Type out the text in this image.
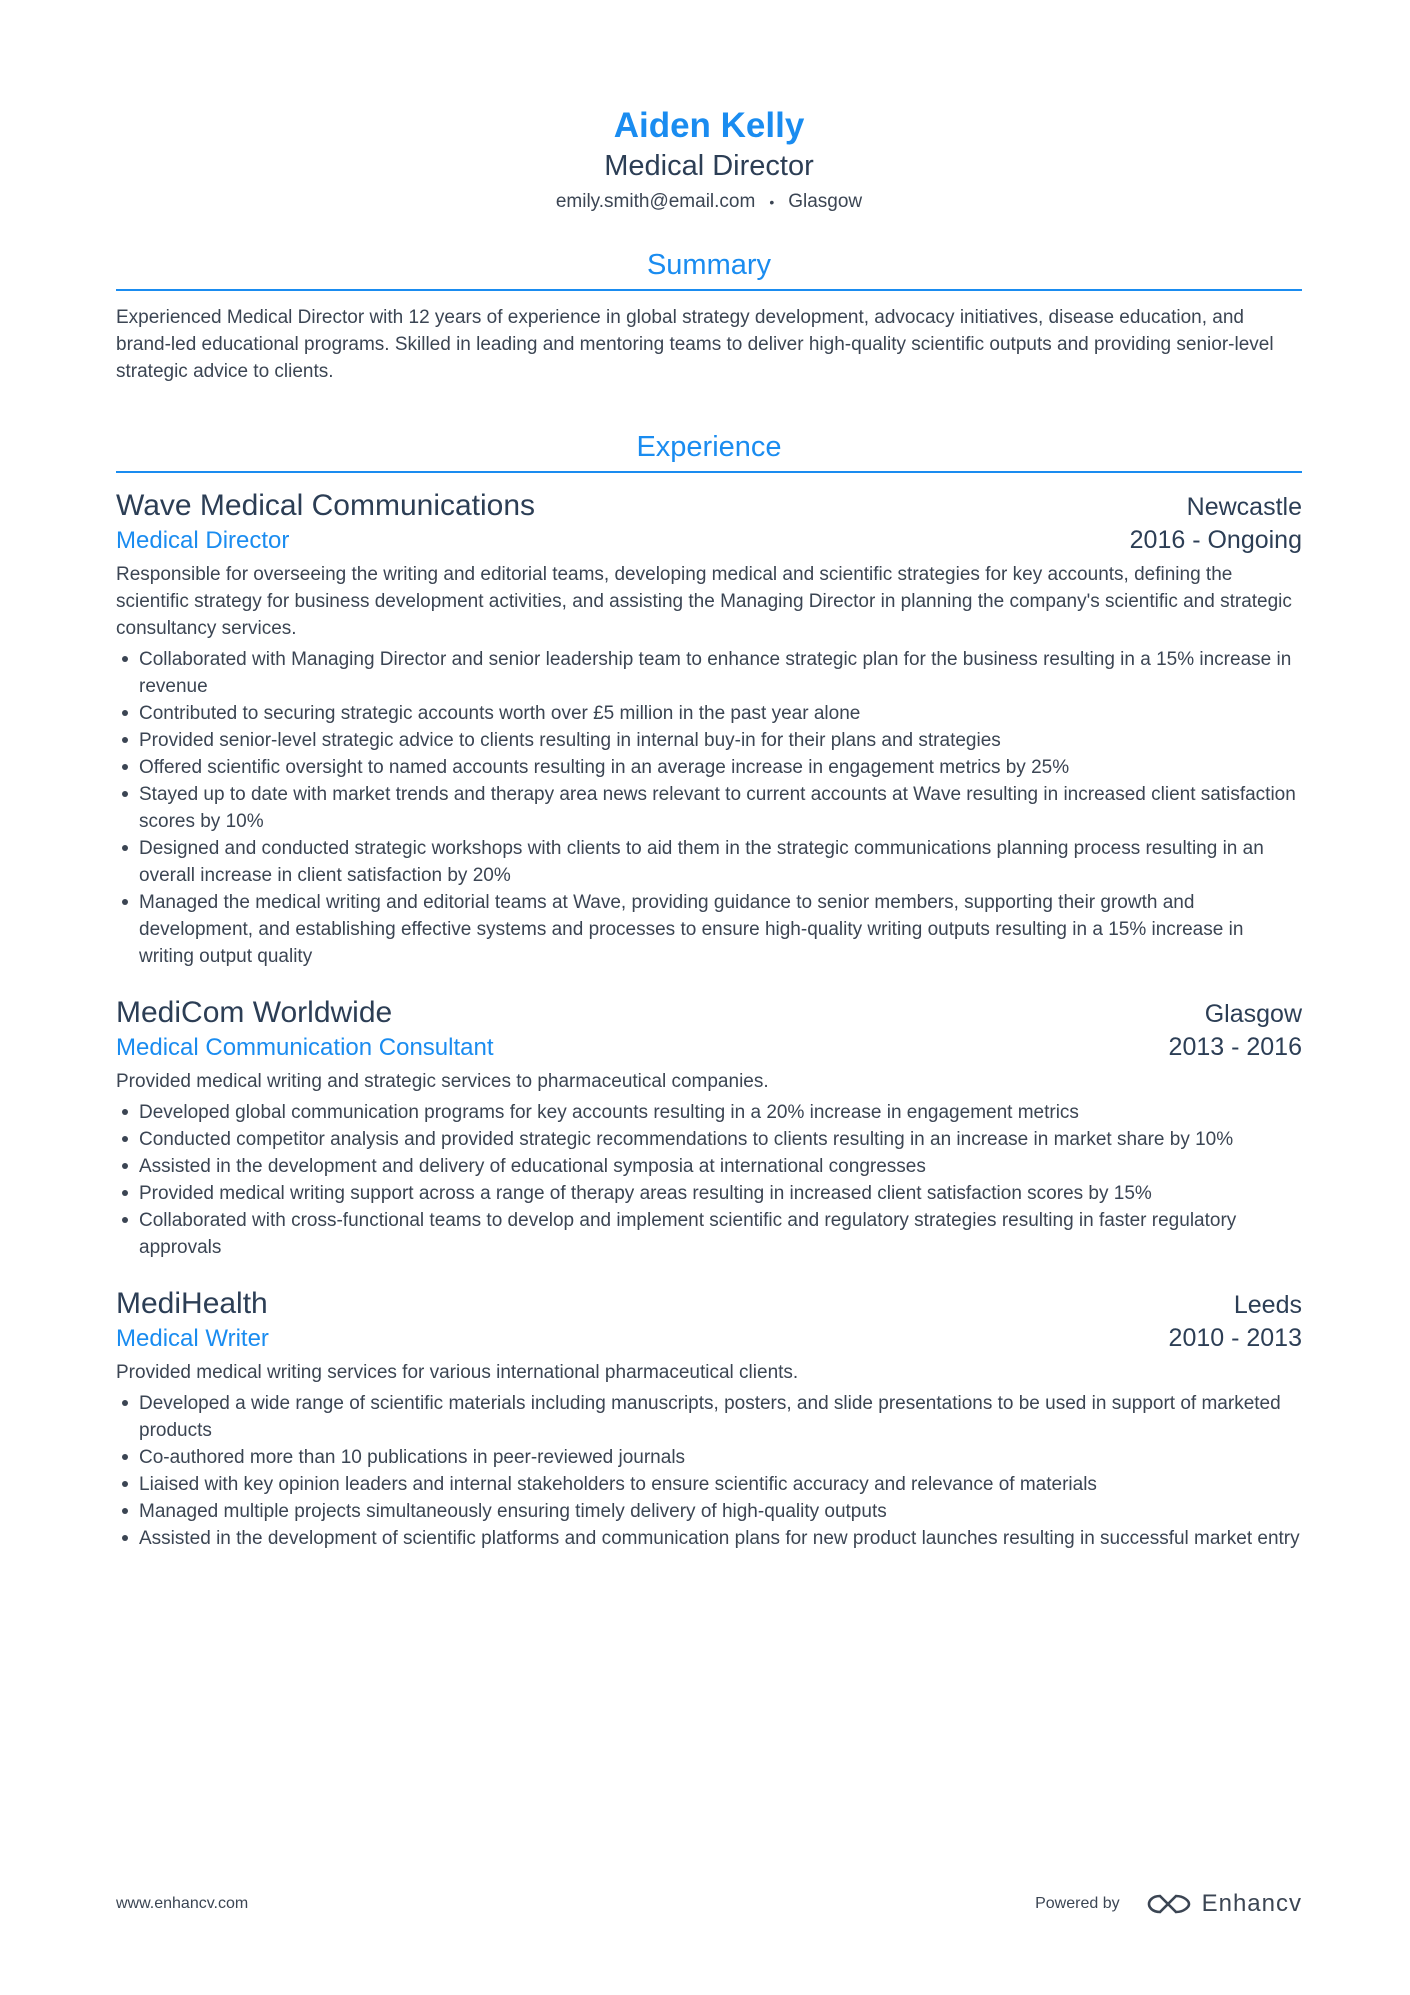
Aiden Kelly
Medical Director
emily.smith@email.com • Glasgow
Summary
Experienced Medical Director with 12 years of experience in global strategy development, advocacy initiatives, disease education, and brand-led educational programs. Skilled in leading and mentoring teams to deliver high-quality scientific outputs and providing senior-level strategic advice to clients.
Experience
Wave Medical Communications	Newcastle
Medical Director	2016 - Ongoing
Responsible for overseeing the writing and editorial teams, developing medical and scientific strategies for key accounts, defining the scientific strategy for business development activities, and assisting the Managing Director in planning the company's scientific and strategic consultancy services.
Collaborated with Managing Director and senior leadership team to enhance strategic plan for the business resulting in a 15% increase in revenue
Contributed to securing strategic accounts worth over £5 million in the past year alone
Provided senior-level strategic advice to clients resulting in internal buy-in for their plans and strategies
Offered scientific oversight to named accounts resulting in an average increase in engagement metrics by 25%
Stayed up to date with market trends and therapy area news relevant to current accounts at Wave resulting in increased client satisfaction scores by 10%
Designed and conducted strategic workshops with clients to aid them in the strategic communications planning process resulting in an overall increase in client satisfaction by 20%
Managed the medical writing and editorial teams at Wave, providing guidance to senior members, supporting their growth and development, and establishing effective systems and processes to ensure high-quality writing outputs resulting in a 15% increase in writing output quality
MediCom Worldwide	Glasgow
Medical Communication Consultant	2013 - 2016
Provided medical writing and strategic services to pharmaceutical companies.
Developed global communication programs for key accounts resulting in a 20% increase in engagement metrics
Conducted competitor analysis and provided strategic recommendations to clients resulting in an increase in market share by 10%
Assisted in the development and delivery of educational symposia at international congresses
Provided medical writing support across a range of therapy areas resulting in increased client satisfaction scores by 15%
Collaborated with cross-functional teams to develop and implement scientific and regulatory strategies resulting in faster regulatory approvals
MediHealth	Leeds
Medical Writer	2010 - 2013
Provided medical writing services for various international pharmaceutical clients.
Developed a wide range of scientific materials including manuscripts, posters, and slide presentations to be used in support of marketed products
Co-authored more than 10 publications in peer-reviewed journals
Liaised with key opinion leaders and internal stakeholders to ensure scientific accuracy and relevance of materials
Managed multiple projects simultaneously ensuring timely delivery of high-quality outputs
Assisted in the development of scientific platforms and communication plans for new product launches resulting in successful market entry
www.enhancv.com	Powered by	Enhancv
